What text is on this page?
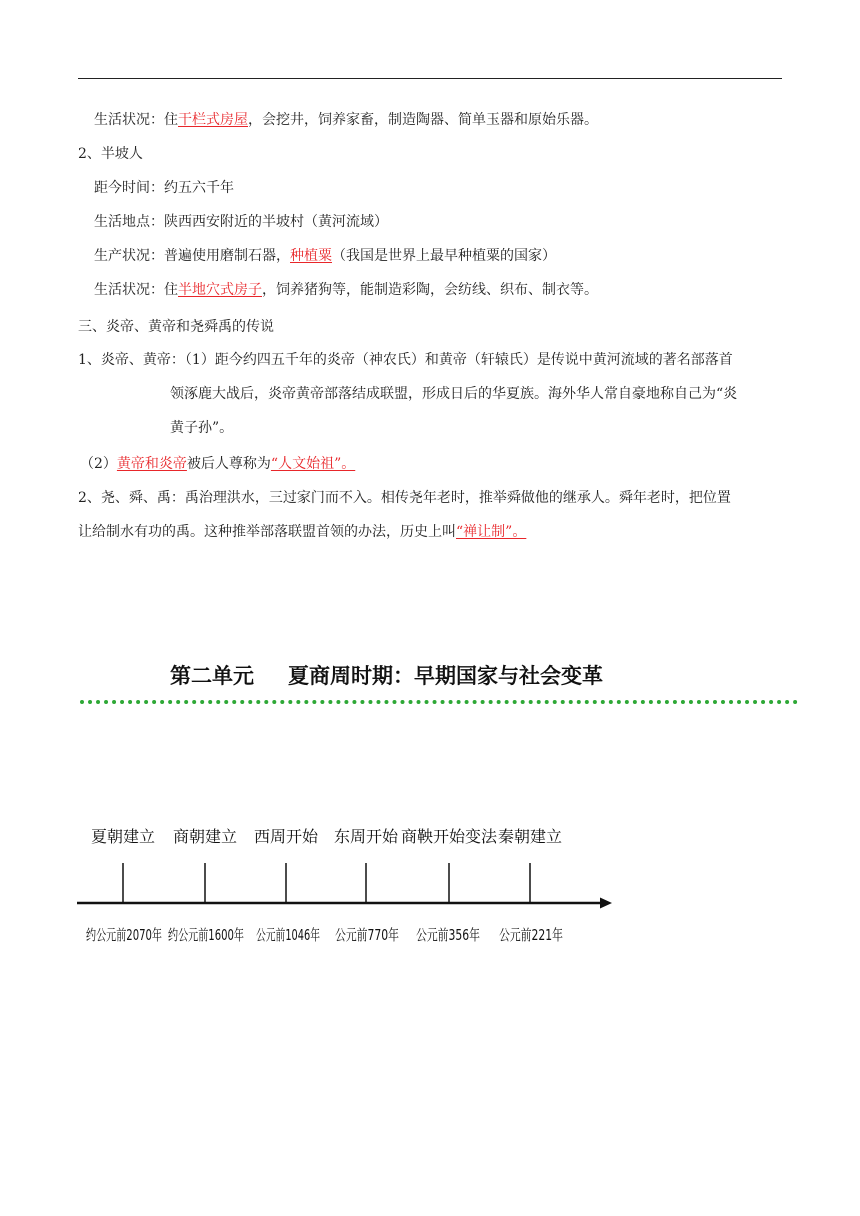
生活状况：住干栏式房屋，会挖井，饲养家畜，制造陶器、简单玉器和原始乐器。
2、半坡人
距今时间：约五六千年
生活地点：陕西西安附近的半坡村（黄河流域）
生产状况：普遍使用磨制石器，种植粟（我国是世界上最早种植粟的国家）
生活状况：住半地穴式房子，饲养猪狗等，能制造彩陶，会纺线、织布、制衣等。
三、炎帝、黄帝和尧舜禹的传说
1、炎帝、黄帝：（1）距今约四五千年的炎帝（神农氏）和黄帝（轩辕氏）是传说中黄河流域的著名部落首
领涿鹿大战后，炎帝黄帝部落结成联盟，形成日后的华夏族。海外华人常自豪地称自己为“炎
黄子孙”。
（2）黄帝和炎帝被后人尊称为“人文始祖”。
2、尧、舜、禹：禹治理洪水，三过家门而不入。相传尧年老时，推举舜做他的继承人。舜年老时，把位置
让给制水有功的禹。这种推举部落联盟首领的办法，历史上叫“禅让制”。
第二单元 夏商周时期：早期国家与社会变革
夏朝建立
约公元前2070年
商朝建立
约公元前1600年
西周开始
公元前1046年
东周开始
公元前770年
商鞅开始变法
公元前356年
秦朝建立
公元前221年
